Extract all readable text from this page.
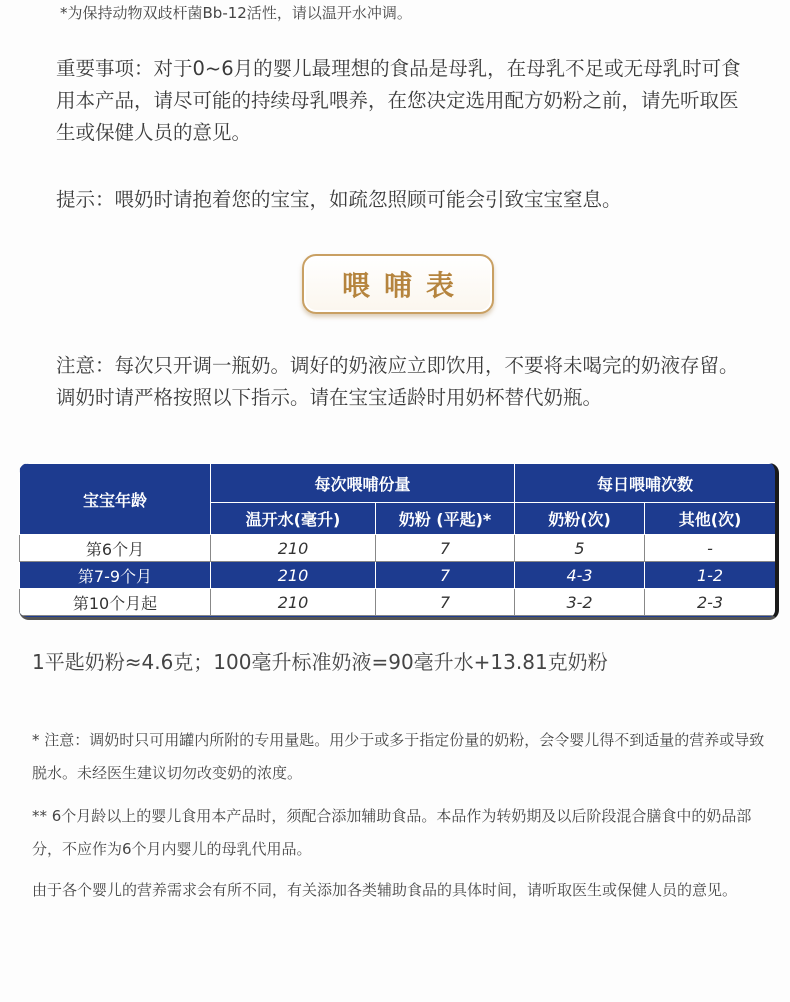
*为保持动物双歧杆菌Bb-12活性，请以温开水冲调。
重要事项：对于0~6月的婴儿最理想的食品是母乳，在母乳不足或无母乳时可食用本产品，请尽可能的持续母乳喂养，在您决定选用配方奶粉之前，请先听取医生或保健人员的意见。
提示：喂奶时请抱着您的宝宝，如疏忽照顾可能会引致宝宝窒息。
喂哺表
注意：每次只开调一瓶奶。调好的奶液应立即饮用，不要将未喝完的奶液存留。调奶时请严格按照以下指示。请在宝宝适龄时用奶杯替代奶瓶。
宝宝年龄	每次喂哺份量		每日喂哺次数	
	温开水(毫升)	奶粉 (平匙)*	奶粉(次)	其他(次)
第6个月	210	7	5	-
第7-9个月	210	7	4-3	1-2
第10个月起	210	7	3-2	2-3
1平匙奶粉≈4.6克；100毫升标准奶液=90毫升水+13.81克奶粉
* 注意：调奶时只可用罐内所附的专用量匙。用少于或多于指定份量的奶粉，会令婴儿得不到适量的营养或导致脱水。未经医生建议切勿改变奶的浓度。
** 6个月龄以上的婴儿食用本产品时，须配合添加辅助食品。本品作为转奶期及以后阶段混合膳食中的奶品部分，不应作为6个月内婴儿的母乳代用品。
由于各个婴儿的营养需求会有所不同，有关添加各类辅助食品的具体时间，请听取医生或保健人员的意见。
